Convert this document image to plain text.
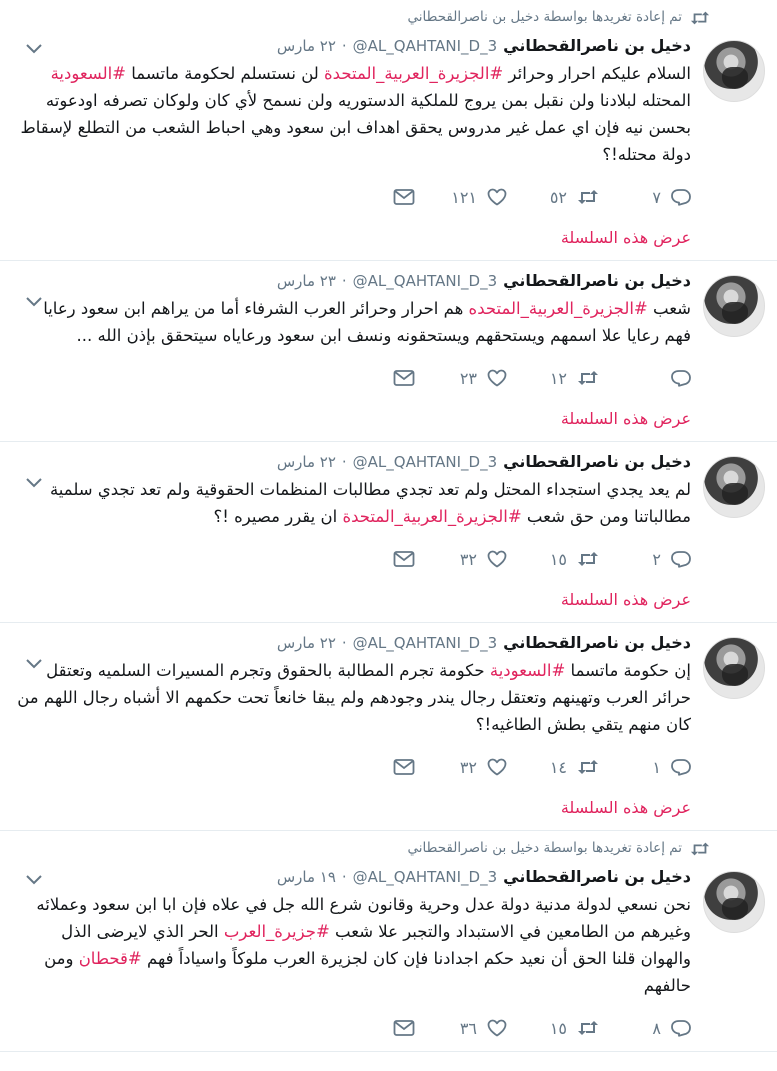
تم إعادة تغريدها بواسطة دخيل بن ناصرالقحطاني
دخيل بن ناصرالقحطاني
@AL_QAHTANI_D_3
·
٢٢ مارس
السلام عليكم احرار وحرائر #الجزيرة_العربية_المتحدة لن نستسلم لحكومة ماتسما #السعودية المحتله لبلادنا ولن نقبل بمن يروج للملكية الدستوريه ولن نسمح لأي كان ولوكان تصرفه اودعوته بحسن نيه فإن اي عمل غير مدروس يحقق اهداف ابن سعود وهي احباط الشعب من التطلع لإسقاط دولة محتله!؟
٧
٥٢
١٢١
عرض هذه السلسلة
دخيل بن ناصرالقحطاني
@AL_QAHTANI_D_3
·
٢٣ مارس
شعب #الجزيرة_العربية_المتحده هم احرار وحرائر العرب الشرفاء أما من يراهم ابن سعود رعايا فهم رعايا علا اسمهم ويستحقهم ويستحقونه ونسف ابن سعود ورعاياه سيتحقق بإذن الله ...
١٢
٢٣
عرض هذه السلسلة
دخيل بن ناصرالقحطاني
@AL_QAHTANI_D_3
·
٢٢ مارس
لم يعد يجدي استجداء المحتل ولم تعد تجدي مطالبات المنظمات الحقوقية ولم تعد تجدي سلمية مطالباتنا ومن حق شعب #الجزيرة_العربية_المتحدة ان يقرر مصيره !؟
٢
١٥
٣٢
عرض هذه السلسلة
دخيل بن ناصرالقحطاني
@AL_QAHTANI_D_3
·
٢٢ مارس
إن حكومة ماتسما #السعودية حكومة تجرم المطالبة بالحقوق وتجرم المسيرات السلميه وتعتقل حرائر العرب وتهينهم وتعتقل رجال يندر وجودهم ولم يبقا خانعاً تحت حكمهم الا أشباه رجال اللهم من كان منهم يتقي بطش الطاغيه!؟
١
١٤
٣٢
عرض هذه السلسلة
تم إعادة تغريدها بواسطة دخيل بن ناصرالقحطاني
دخيل بن ناصرالقحطاني
@AL_QAHTANI_D_3
·
١٩ مارس
نحن نسعي لدولة مدنية دولة عدل وحرية وقانون شرع الله جل في علاه فإن ابا ابن سعود وعملائه وغيرهم من الطامعين في الاستبداد والتجبر علا شعب #جزيرة_العرب الحر الذي لايرضى الذل والهوان قلنا الحق أن نعيد حكم اجدادنا فإن كان لجزيرة العرب ملوكاً واسياداً فهم #قحطان ومن حالفهم
٨
١٥
٣٦
